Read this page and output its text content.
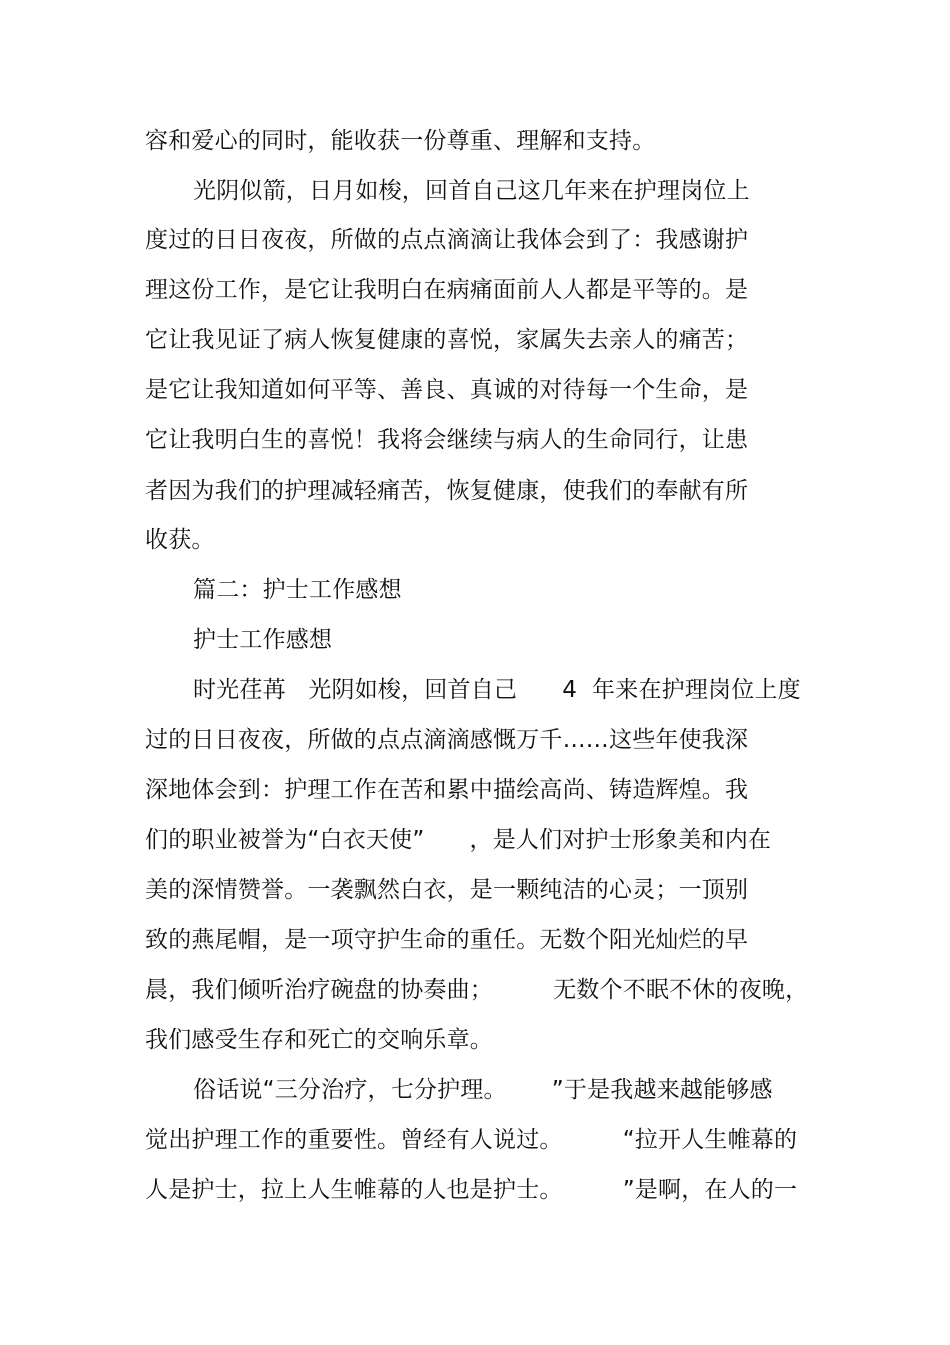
容和爱心的同时，能收获一份尊重、理解和支持。
光阴似箭，日月如梭，回首自己这几年来在护理岗位上
度过的日日夜夜，所做的点点滴滴让我体会到了：我感谢护
理这份工作，是它让我明白在病痛面前人人都是平等的。是
它让我见证了病人恢复健康的喜悦，家属失去亲人的痛苦；
是它让我知道如何平等、善良、真诚的对待每一个生命，是
它让我明白生的喜悦！我将会继续与病人的生命同行，让患
者因为我们的护理减轻痛苦，恢复健康，使我们的奉献有所
收获。
篇二：护士工作感想
护士工作感想
时光荏苒   光阴如梭，回首自己      4  年来在护理岗位上度
过的日日夜夜，所做的点点滴滴感慨万千……这些年使我深
深地体会到：护理工作在苦和累中描绘高尚、铸造辉煌。我
们的职业被誉为“白衣天使”      ，是人们对护士形象美和内在
美的深情赞誉。一袭飘然白衣，是一颗纯洁的心灵；一顶别
致的燕尾帽，是一项守护生命的重任。无数个阳光灿烂的早
晨，我们倾听治疗碗盘的协奏曲；        无数个不眠不休的夜晚，
我们感受生存和死亡的交响乐章。
俗话说“三分治疗，七分护理。      ”于是我越来越能够感
觉出护理工作的重要性。曾经有人说过。        “拉开人生帷幕的
人是护士，拉上人生帷幕的人也是护士。        ”是啊，在人的一
